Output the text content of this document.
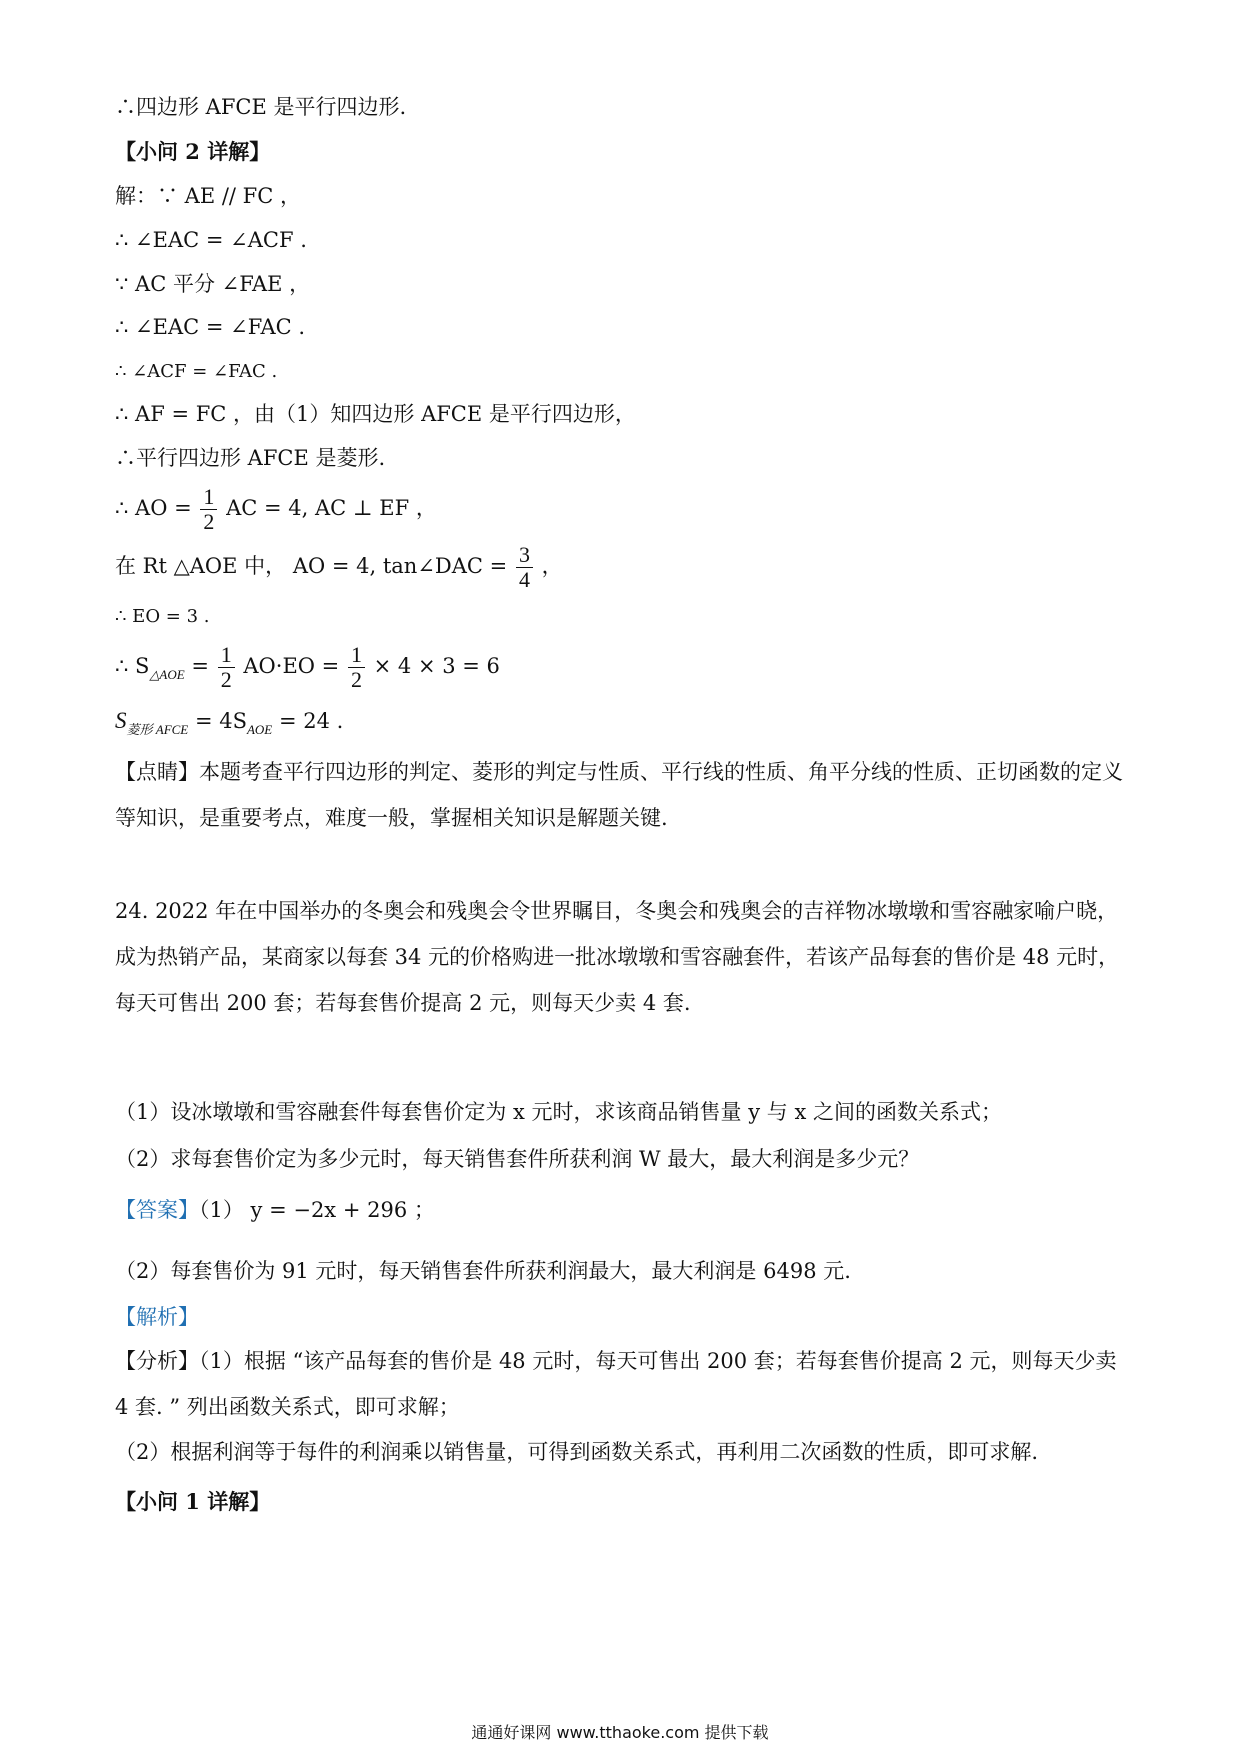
∴四边形 AFCE 是平行四边形.
【小问 2 详解】
解：∵ AE // FC ，
∴ ∠EAC = ∠ACF .
∵ AC 平分 ∠FAE ，
∴ ∠EAC = ∠FAC .
∴ ∠ACF = ∠FAC .
∴ AF = FC ，由（1）知四边形 AFCE 是平行四边形，
∴平行四边形 AFCE 是菱形.
∴ AO = $\frac{1}{2}$ AC = 4, AC ⊥ EF ，
在 Rt △AOE 中， AO = 4, tan∠DAC = $\frac{3}{4}$ ，
∴ EO = 3 .
∴ $S_{\triangle AOE} = \frac{1}{2} AO\cdot EO = \frac{1}{2} \times 4 \times 3 = 6$
$S_{菱形 AFCE} = 4S_{AOE} = 24$ .
【点睛】本题考查平行四边形的判定、菱形的判定与性质、平行线的性质、角平分线的性质、正切函数的定义等知识，是重要考点，难度一般，掌握相关知识是解题关键.
24. 2022 年在中国举办的冬奥会和残奥会令世界瞩目，冬奥会和残奥会的吉祥物冰墩墩和雪容融家喻户晓，成为热销产品，某商家以每套 34 元的价格购进一批冰墩墩和雪容融套件，若该产品每套的售价是 48 元时，每天可售出 200 套；若每套售价提高 2 元，则每天少卖 4 套.
（1）设冰墩墩和雪容融套件每套售价定为 x 元时，求该商品销售量 y 与 x 之间的函数关系式；
（2）求每套售价定为多少元时，每天销售套件所获利润 W 最大，最大利润是多少元？
【答案】（1） y = −2x + 296 ；
（2）每套售价为 91 元时，每天销售套件所获利润最大，最大利润是 6498 元.
【解析】
【分析】（1）根据 “该产品每套的售价是 48 元时，每天可售出 200 套；若每套售价提高 2 元，则每天少卖 4 套. ” 列出函数关系式，即可求解；
（2）根据利润等于每件的利润乘以销售量，可得到函数关系式，再利用二次函数的性质，即可求解.
【小问 1 详解】
通通好课网 www.tthaoke.com 提供下载
